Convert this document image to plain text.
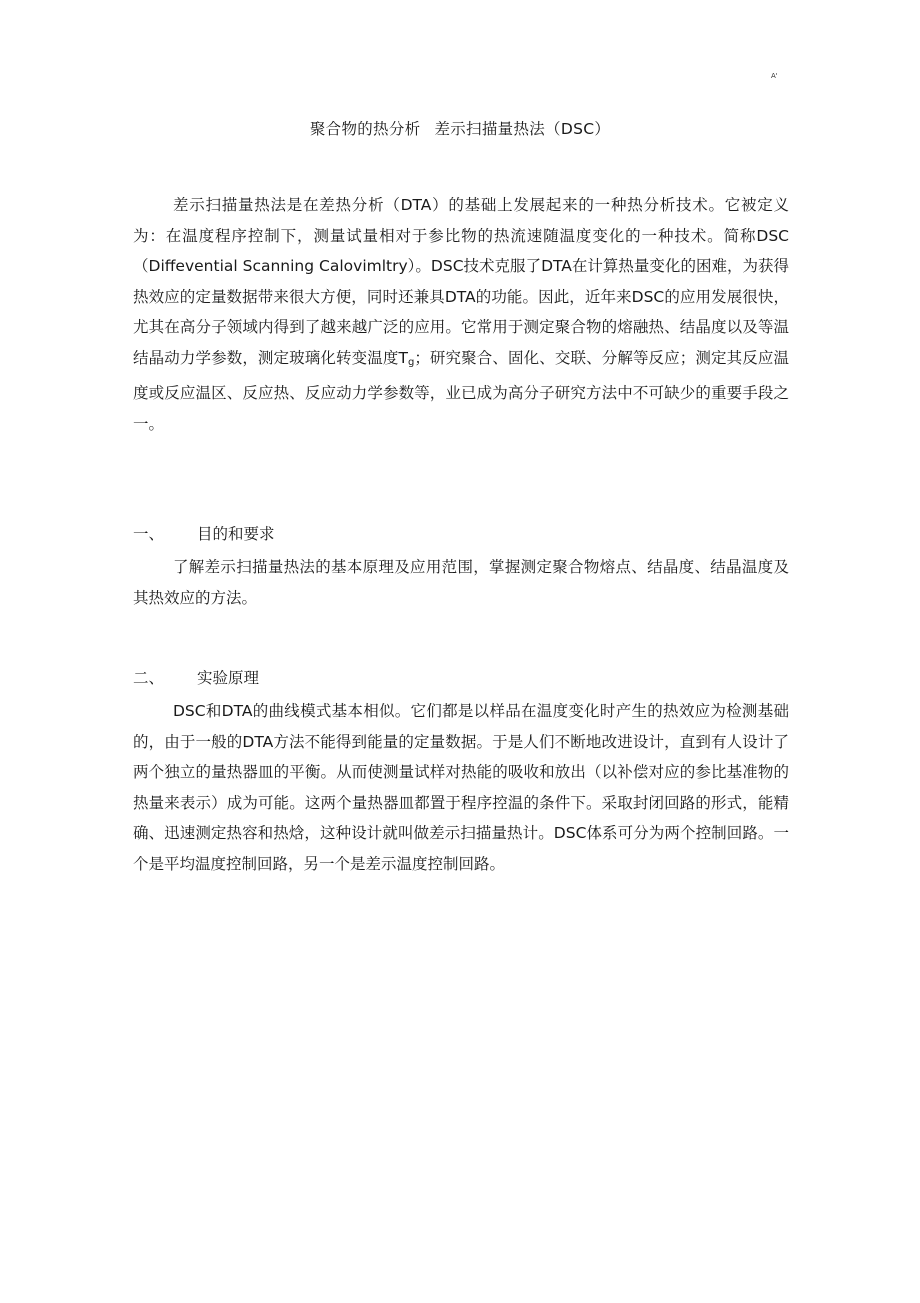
A'
聚合物的热分析 差示扫描量热法（DSC）

差示扫描量热法是在差热分析（DTA）的基础上发展起来的一种热分析技术。它被定义为：在温度程序控制下，测量试量相对于参比物的热流速随温度变化的一种技术。简称DSC（Diffevential Scanning Calovimltry）。DSC技术克服了DTA在计算热量变化的困难，为获得热效应的定量数据带来很大方便，同时还兼具DTA的功能。因此，近年来DSC的应用发展很快，尤其在高分子领域内得到了越来越广泛的应用。它常用于测定聚合物的熔融热、结晶度以及等温结晶动力学参数，测定玻璃化转变温度$T_g$；研究聚合、固化、交联、分解等反应；测定其反应温度或反应温区、反应热、反应动力学参数等，业已成为高分子研究方法中不可缺少的重要手段之一。

一、 目的和要求

了解差示扫描量热法的基本原理及应用范围，掌握测定聚合物熔点、结晶度、结晶温度及其热效应的方法。

二、 实验原理

DSC和DTA的曲线模式基本相似。它们都是以样品在温度变化时产生的热效应为检测基础的，由于一般的DTA方法不能得到能量的定量数据。于是人们不断地改进设计，直到有人设计了两个独立的量热器皿的平衡。从而使测量试样对热能的吸收和放出（以补偿对应的参比基准物的热量来表示）成为可能。这两个量热器皿都置于程序控温的条件下。采取封闭回路的形式，能精确、迅速测定热容和热焓，这种设计就叫做差示扫描量热计。DSC体系可分为两个控制回路。一个是平均温度控制回路，另一个是差示温度控制回路。
